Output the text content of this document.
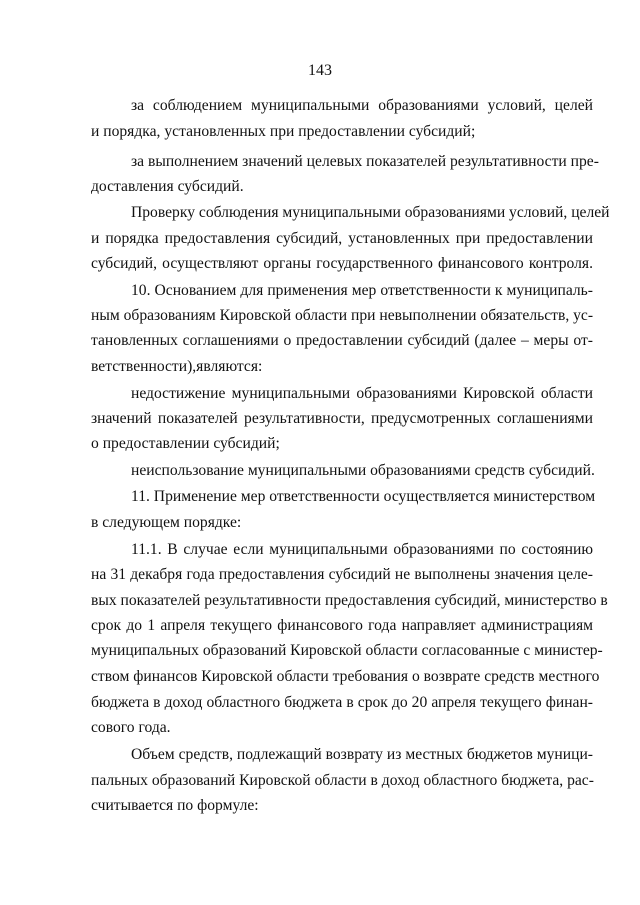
143
за соблюдением муниципальными образованиями условий, целей
и порядка, установленных при предоставлении субсидий;
за выполнением значений целевых показателей результативности пре-
доставления субсидий.
Проверку соблюдения муниципальными образованиями условий, целей
и порядка предоставления субсидий, установленных при предоставлении
субсидий, осуществляют органы государственного финансового контроля.
10. Основанием для применения мер ответственности к муниципаль-
ным образованиям Кировской области при невыполнении обязательств, ус-
тановленных соглашениями о предоставлении субсидий (далее – меры от-
ветственности),являются:
недостижение муниципальными образованиями Кировской области
значений показателей результативности, предусмотренных соглашениями
о предоставлении субсидий;
неиспользование муниципальными образованиями средств субсидий.
11. Применение мер ответственности осуществляется министерством
в следующем порядке:
11.1. В случае если муниципальными образованиями по состоянию
на 31 декабря года предоставления субсидий не выполнены значения целе-
вых показателей результативности предоставления субсидий, министерство в
срок до 1 апреля текущего финансового года направляет администрациям
муниципальных образований Кировской области согласованные с министер-
ством финансов Кировской области требования о возврате средств местного
бюджета в доход областного бюджета в срок до 20 апреля текущего финан-
сового года.
Объем средств, подлежащий возврату из местных бюджетов муници-
пальных образований Кировской области в доход областного бюджета, рас-
считывается по формуле:
